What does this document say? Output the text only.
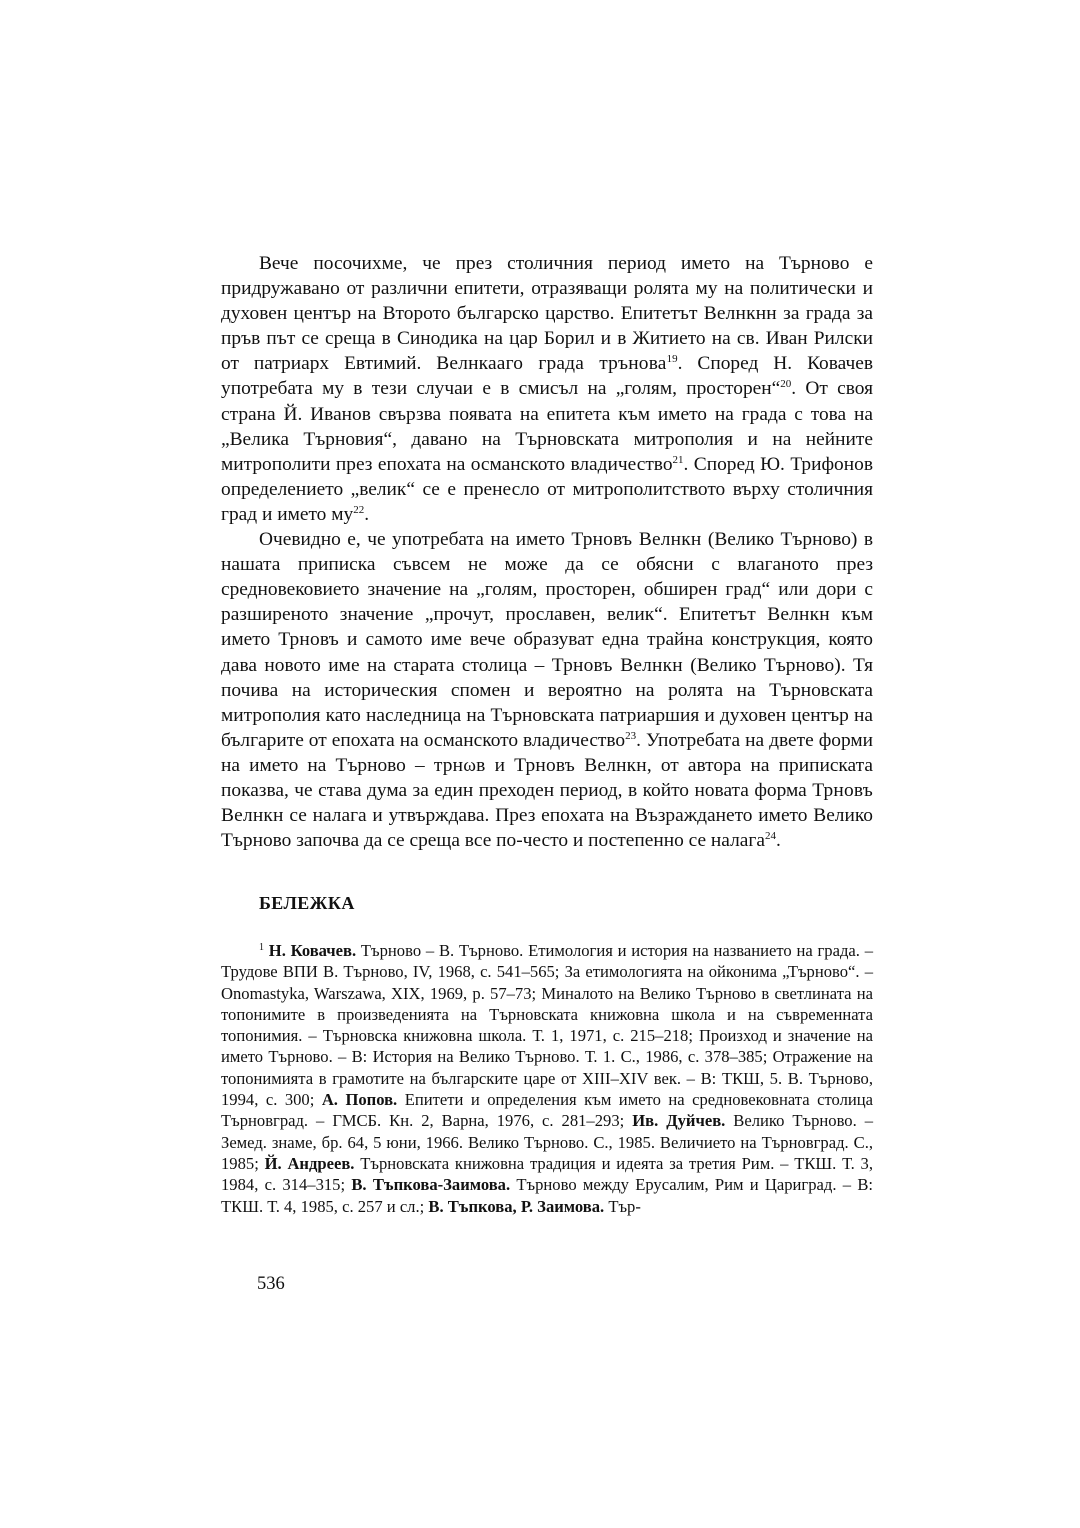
Вече посочихме, че през столичния период името на Търново е придружавано от различни епитети, отразяващи ролята му на политически и духовен център на Второто българско царство. Епитетът Велнкнн за града за пръв път се среща в Синодика на цар Борил и в Житието на св. Иван Рилски от патриарх Евтимий. Велнкааго града трънова$^{19}$. Според Н. Ковачев употребата му в тези случаи е в смисъл на „голям, просторен“$^{20}$. От своя страна Й. Иванов свързва появата на епитета към името на града с това на „Велика Търновия“, давано на Търновската митрополия и на нейните митрополити през епохата на османското владичество$^{21}$. Според Ю. Трифонов определението „велик“ се е пренесло от митрополитството върху столичния град и името $му^{22}$.

Очевидно е, че употребата на името Трновъ Велнкн (Велико Търново) в нашата приписка съвсем не може да се обясни с влаганото през средновековието значение на „голям, просторен, обширен град“ или дори с разширеното значение „прочут, прославен, велик“. Епитетът Велнкн към името Трновъ и самото име вече образуват една трайна конструкция, която дава новото име на старата столица – Трновъ Велнкн (Велико Търново). Тя почива на историческия спомен и вероятно на ролята на Търновската митрополия като наследница на Търновската патриаршия и духовен център на българите от епохата на османското владичество$^{23}$. Употребата на двете форми на името на Търново – трнωв и Трновъ Велнкн, от автора на приписката показва, че става дума за един преходен период, в който новата форма Трновъ Велнкн се налага и утвърждава. През епохата на Възраждането името Велико Търново започва да се среща все по-често и постепенно се налага$^{24}$.

БЕЛЕЖКА

$^1$ Н. Ковачев. Търново – В. Търново. Етимология и история на названието на града. – Трудове ВПИ В. Търново, IV, 1968, с. 541–565; За етимологията на ойконима „Търново“. – Onomastyka, Warszawa, XIX, 1969, p. 57–73; Миналото на Велико Търново в светлината на топонимите в произведенията на Търновската книжовна школа и на съвременната топонимия. – Търновска книжовна школа. Т. 1, 1971, с. 215–218; Произход и значение на името Търново. – В: История на Велико Търново. Т. 1. С., 1986, с. 378–385; Отражение на топонимията в грамотите на българските царе от XIII–XIV век. – В: ТКШ, 5. В. Търново, 1994, с. 300; А. Попов. Епитети и определения към името на средновековната столица Търновград. – ГМСБ. Кн. 2, Варна, 1976, с. 281–293; Ив. Дуйчев. Велико Търново. – Земед. знаме, бр. 64, 5 юни, 1966. Велико Търново. С., 1985. Величието на Търновград. С., 1985; Й. Андреев. Търновската книжовна традиция и идеята за третия Рим. – ТКШ. Т. 3, 1984, с. 314–315; В. Тъпкова-Заимова. Търново между Ерусалим, Рим и Цариград. – В: ТКШ. Т. 4, 1985, с. 257 и сл.; В. Тъпкова, Р. Заимова. Тър-

536
